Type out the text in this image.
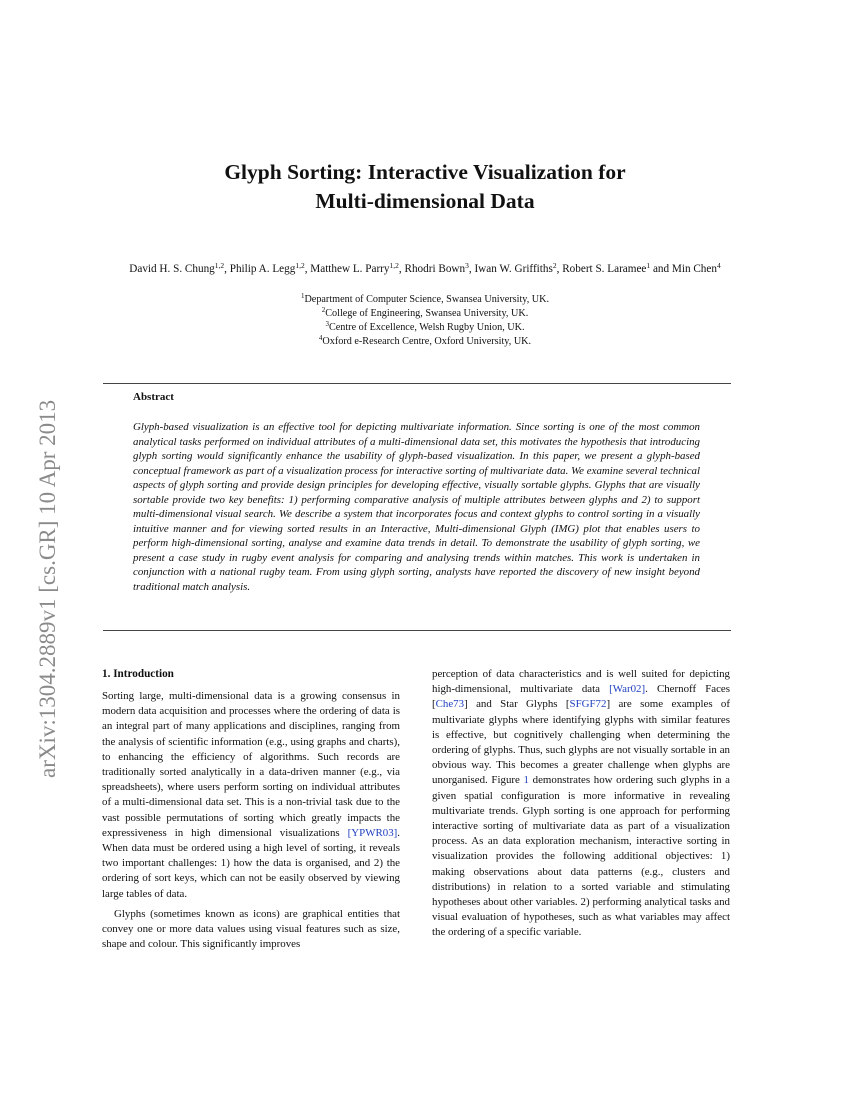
arXiv:1304.2889v1 [cs.GR] 10 Apr 2013
Glyph Sorting: Interactive Visualization for
Multi-dimensional Data
David H. S. Chung$^{1,2}$, Philip A. Legg$^{1,2}$, Matthew L. Parry$^{1,2}$, Rhodri Bown$^3$, Iwan W. Griffiths$^2$, Robert S. Laramee$^1$ and Min Chen$^4$
$^1$Department of Computer Science, Swansea University, UK.
$^2$College of Engineering, Swansea University, UK.
$^3$Centre of Excellence, Welsh Rugby Union, UK.
$^4$Oxford e-Research Centre, Oxford University, UK.
Abstract
Glyph-based visualization is an effective tool for depicting multivariate information. Since sorting is one of the most common analytical tasks performed on individual attributes of a multi-dimensional data set, this motivates the hypothesis that introducing glyph sorting would significantly enhance the usability of glyph-based visualization. In this paper, we present a glyph-based conceptual framework as part of a visualization process for interactive sorting of multivariate data. We examine several technical aspects of glyph sorting and provide design principles for developing effective, visually sortable glyphs. Glyphs that are visually sortable provide two key benefits: 1) performing comparative analysis of multiple attributes between glyphs and 2) to support multi-dimensional visual search. We describe a system that incorporates focus and context glyphs to control sorting in a visually intuitive manner and for viewing sorted results in an Interactive, Multi-dimensional Glyph (IMG) plot that enables users to perform high-dimensional sorting, analyse and examine data trends in detail. To demonstrate the usability of glyph sorting, we present a case study in rugby event analysis for comparing and analysing trends within matches. This work is undertaken in conjunction with a national rugby team. From using glyph sorting, analysts have reported the discovery of new insight beyond traditional match analysis.
1. Introduction

Sorting large, multi-dimensional data is a growing consensus in modern data acquisition and processes where the ordering of data is an integral part of many applications and disciplines, ranging from the analysis of scientific information (e.g., using graphs and charts), to enhancing the efficiency of algorithms. Such records are traditionally sorted analytically in a data-driven manner (e.g., via spreadsheets), where users perform sorting on individual attributes of a multi-dimensional data set. This is a non-trivial task due to the vast possible permutations of sorting which greatly impacts the expressiveness in high dimensional visualizations [YPWR03]. When data must be ordered using a high level of sorting, it reveals two important challenges: 1) how the data is organised, and 2) the ordering of sort keys, which can not be easily observed by viewing large tables of data.

Glyphs (sometimes known as icons) are graphical entities that convey one or more data values using visual features such as size, shape and colour. This significantly improves

perception of data characteristics and is well suited for depicting high-dimensional, multivariate data [War02]. Chernoff Faces [Che73] and Star Glyphs [SFGF72] are some examples of multivariate glyphs where identifying glyphs with similar features is effective, but cognitively challenging when determining the ordering of glyphs. Thus, such glyphs are not visually sortable in an obvious way. This becomes a greater challenge when glyphs are unorganised. Figure 1 demonstrates how ordering such glyphs in a given spatial configuration is more informative in revealing multivariate trends. Glyph sorting is one approach for performing interactive sorting of multivariate data as part of a visualization process. As an data exploration mechanism, interactive sorting in visualization provides the following additional objectives: 1) making observations about data patterns (e.g., clusters and distributions) in relation to a sorted variable and stimulating hypotheses about other variables. 2) performing analytical tasks and visual evaluation of hypotheses, such as what variables may affect the ordering of a specific variable.
